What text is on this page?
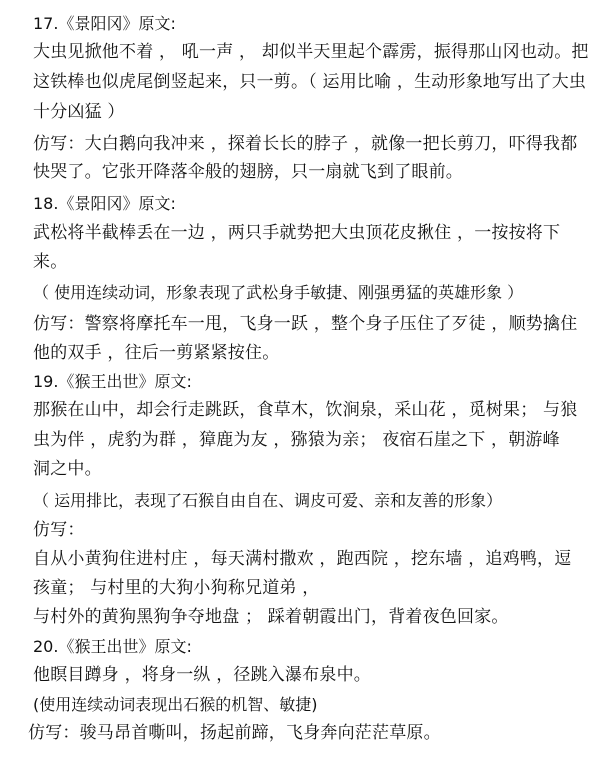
17.《景阳冈》原文:
大虫见掀他不着 ， 吼一声 ， 却似半天里起个霹雳，振得那山冈也动。把
这铁棒也似虎尾倒竖起来，只一剪。（ 运用比喻 ，生动形象地写出了大虫
十分凶猛 ）
仿写：大白鹅向我冲来 ，探着长长的脖子 ，就像一把长剪刀，吓得我都
快哭了。它张开降落伞般的翅膀，只一扇就飞到了眼前。
18.《景阳冈》原文:
武松将半截棒丢在一边 ，两只手就势把大虫顶花皮揪住 ，一按按将下
来。
（ 使用连续动词，形象表现了武松身手敏捷、刚强勇猛的英雄形象 ）
仿写：警察将摩托车一甩，飞身一跃 ，整个身子压住了歹徒 ，顺势擒住
他的双手 ，往后一剪紧紧按住。
19.《猴王出世》原文:
那猴在山中，却会行走跳跃，食草木，饮涧泉，采山花 ，觅树果； 与狼
虫为伴 ，虎豹为群 ，獐鹿为友 ，猕猿为亲； 夜宿石崖之下 ，朝游峰
洞之中。
（ 运用排比，表现了石猴自由自在、调皮可爱、亲和友善的形象）
仿写：
自从小黄狗住进村庄 ，每天满村撒欢 ，跑西院 ，挖东墙 ，追鸡鸭，逗
孩童； 与村里的大狗小狗称兄道弟 ，
与村外的黄狗黑狗争夺地盘 ； 踩着朝霞出门，背着夜色回家。
20.《猴王出世》原文:
他瞑目蹲身 ，将身一纵 ，径跳入瀑布泉中。
(使用连续动词表现出石猴的机智、敏捷)
仿写：骏马昂首嘶叫，扬起前蹄，飞身奔向茫茫草原。
